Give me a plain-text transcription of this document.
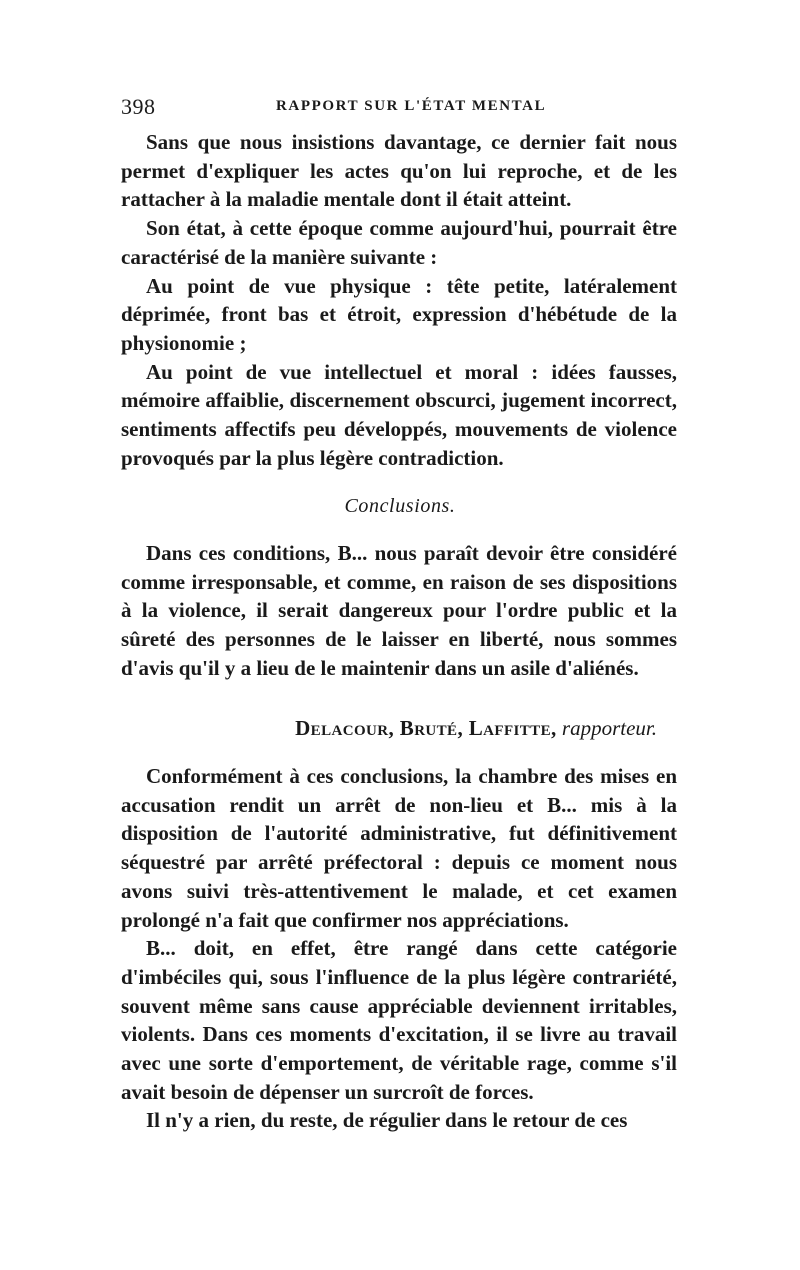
398	RAPPORT SUR L'ÉTAT MENTAL

Sans que nous insistions davantage, ce dernier fait nous permet d'expliquer les actes qu'on lui reproche, et de les rattacher à la maladie mentale dont il était atteint.

Son état, à cette époque comme aujourd'hui, pourrait être caractérisé de la manière suivante :

Au point de vue physique : tête petite, latéralement déprimée, front bas et étroit, expression d'hébétude de la physionomie ;

Au point de vue intellectuel et moral : idées fausses, mémoire affaiblie, discernement obscurci, jugement incorrect, sentiments affectifs peu développés, mouvements de violence provoqués par la plus légère contradiction.

Conclusions.

Dans ces conditions, B... nous paraît devoir être considéré comme irresponsable, et comme, en raison de ses dispositions à la violence, il serait dangereux pour l'ordre public et la sûreté des personnes de le laisser en liberté, nous sommes d'avis qu'il y a lieu de le maintenir dans un asile d'aliénés.

Delacour, Bruté, Laffitte, rapporteur.

Conformément à ces conclusions, la chambre des mises en accusation rendit un arrêt de non-lieu et B... mis à la disposition de l'autorité administrative, fut définitivement séquestré par arrêté préfectoral : depuis ce moment nous avons suivi très-attentivement le malade, et cet examen prolongé n'a fait que confirmer nos appréciations.

B... doit, en effet, être rangé dans cette catégorie d'imbéciles qui, sous l'influence de la plus légère contrariété, souvent même sans cause appréciable deviennent irritables, violents. Dans ces moments d'excitation, il se livre au travail avec une sorte d'emportement, de véritable rage, comme s'il avait besoin de dépenser un surcroît de forces.

Il n'y a rien, du reste, de régulier dans le retour de ces
